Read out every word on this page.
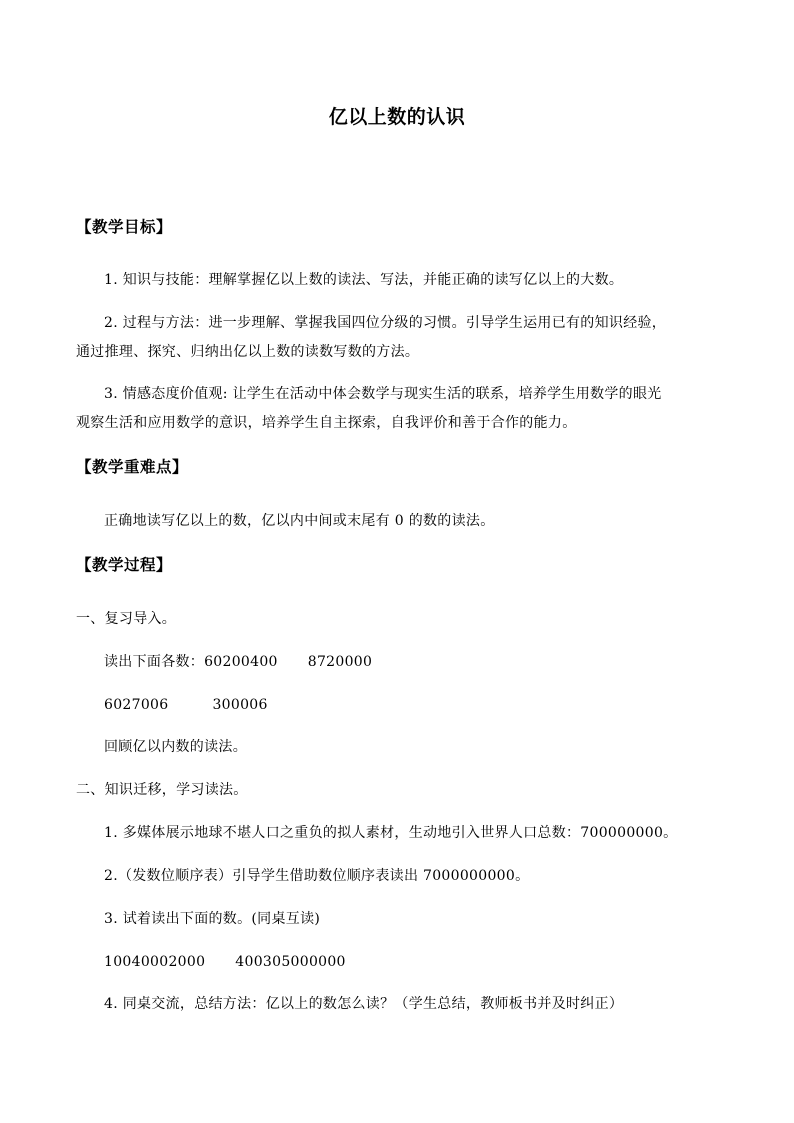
亿以上数的认识
【教学目标】
1. 知识与技能：理解掌握亿以上数的读法、写法，并能正确的读写亿以上的大数。
2. 过程与方法：进一步理解、掌握我国四位分级的习惯。引导学生运用已有的知识经验，
通过推理、探究、归纳出亿以上数的读数写数的方法。
3. 情感态度价值观: 让学生在活动中体会数学与现实生活的联系，培养学生用数学的眼光
观察生活和应用数学的意识，培养学生自主探索，自我评价和善于合作的能力。
【教学重难点】
正确地读写亿以上的数，亿以内中间或末尾有 0 的数的读法。
【教学过程】
一、复习导入。
读出下面各数：60200400 8720000
6027006	300006
回顾亿以内数的读法。
二、知识迁移，学习读法。
1. 多媒体展示地球不堪人口之重负的拟人素材，生动地引入世界人口总数：700000000。
2.（发数位顺序表）引导学生借助数位顺序表读出 7000000000。
3. 试着读出下面的数。(同桌互读)
10040002000 400305000000
4. 同桌交流，总结方法：亿以上的数怎么读？（学生总结，教师板书并及时纠正）
